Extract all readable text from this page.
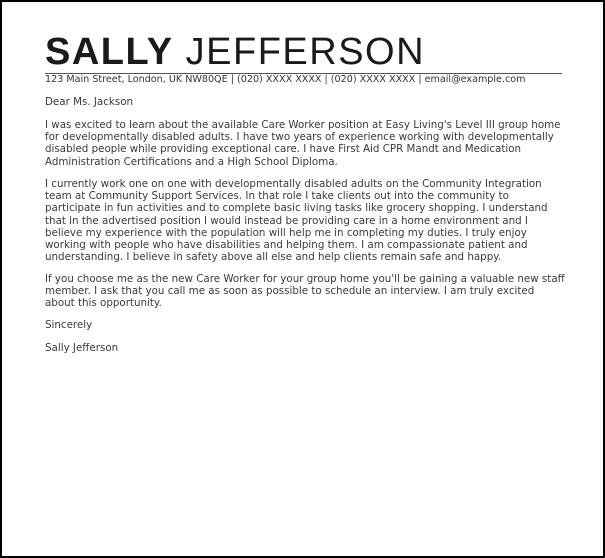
SALLY JEFFERSON
123 Main Street, London, UK NW80QE | (020) XXXX XXXX | (020) XXXX XXXX | email@example.com
Dear Ms. Jackson

I was excited to learn about the available Care Worker position at Easy Living's Level III group home for developmentally disabled adults. I have two years of experience working with developmentally disabled people while providing exceptional care. I have First Aid CPR Mandt and Medication Administration Certifications and a High School Diploma.

I currently work one on one with developmentally disabled adults on the Community Integration team at Community Support Services. In that role I take clients out into the community to participate in fun activities and to complete basic living tasks like grocery shopping. I understand that in the advertised position I would instead be providing care in a home environment and I believe my experience with the population will help me in completing my duties. I truly enjoy working with people who have disabilities and helping them. I am compassionate patient and understanding. I believe in safety above all else and help clients remain safe and happy.

If you choose me as the new Care Worker for your group home you'll be gaining a valuable new staff member. I ask that you call me as soon as possible to schedule an interview. I am truly excited about this opportunity.

Sincerely
Sally Jefferson
